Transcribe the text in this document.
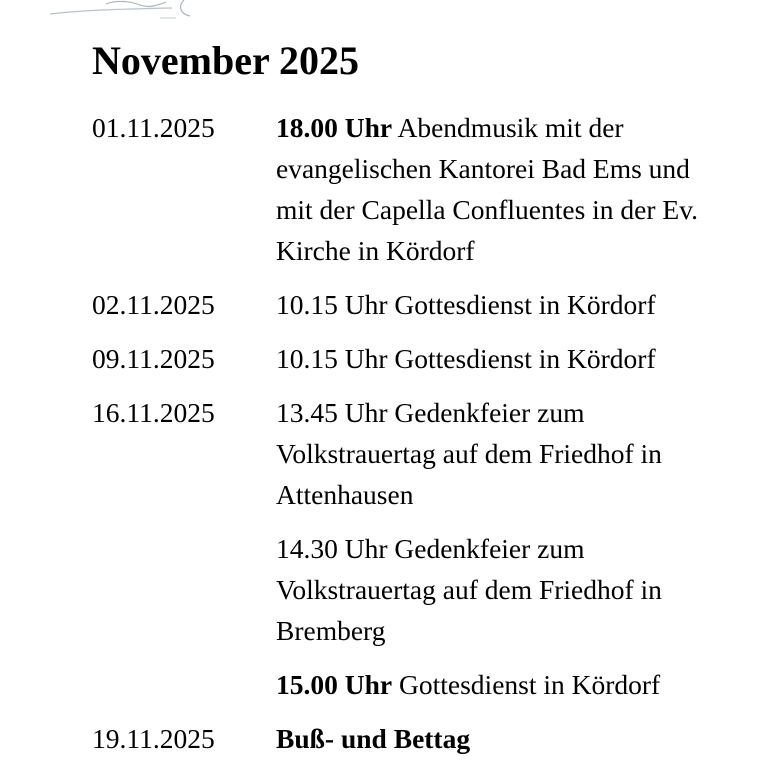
November 2025
01.11.2025 18.00 Uhr Abendmusik mit der evangelischen Kantorei Bad Ems und mit der Capella Confluentes in der Ev. Kirche in Kördorf
02.11.2025 10.15 Uhr Gottesdienst in Kördorf
09.11.2025 10.15 Uhr Gottesdienst in Kördorf
16.11.2025 13.45 Uhr Gedenkfeier zum Volkstrauertag auf dem Friedhof in Attenhausen
14.30 Uhr Gedenkfeier zum Volkstrauertag auf dem Friedhof in Bremberg
15.00 Uhr Gottesdienst in Kördorf
19.11.2025 Buß- und Bettag
